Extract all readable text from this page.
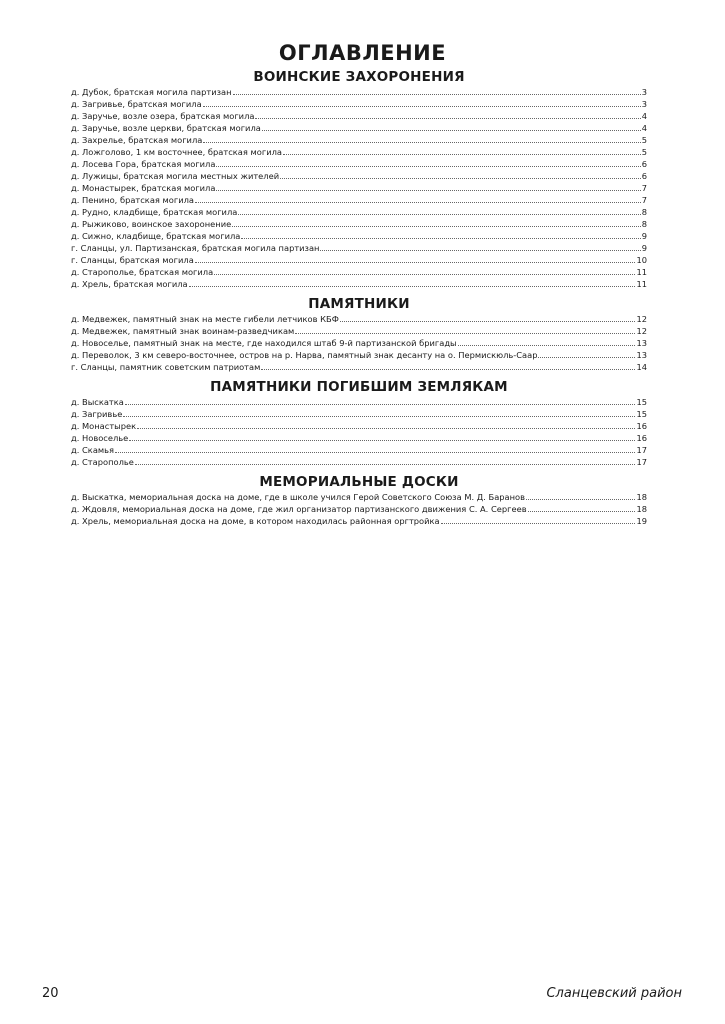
ОГЛАВЛЕНИЕ
ВОИНСКИЕ ЗАХОРОНЕНИЯ
д. Дубок, братская могила партизан	3
д. Загривье, братская могила	3
д. Заручье, возле озера, братская могила	4
д. Заручье, возле церкви, братская могила	4
д. Захрелье, братская могила	5
д. Ложголово, 1 км восточнее, братская могила	5
д. Лосева Гора, братская могила	6
д. Лужицы, братская могила местных жителей	6
д. Монастырек, братская могила	7
д. Пенино, братская могила	7
д. Рудно, кладбище, братская могила	8
д. Рыжиково, воинское захоронение	8
д. Сижно, кладбище, братская могила	9
г. Сланцы, ул. Партизанская, братская могила партизан	9
г. Сланцы, братская могила	10
д. Старополье, братская могила	11
д. Хрель, братская могила	11
ПАМЯТНИКИ
д. Медвежек, памятный знак на месте гибели летчиков КБФ	12
д. Медвежек, памятный знак воинам-разведчикам	12
д. Новоселье, памятный знак на месте, где находился штаб 9-й партизанской бригады	13
д. Переволок, 3 км северо-восточнее, остров на р. Нарва, памятный знак десанту на о. Пермискюль-Саар	13
г. Сланцы, памятник советским патриотам	14
ПАМЯТНИКИ ПОГИБШИМ ЗЕМЛЯКАМ
д. Выскатка	15
д. Загривье	15
д. Монастырек	16
д. Новоселье	16
д. Скамья	17
д. Старополье	17
МЕМОРИАЛЬНЫЕ ДОСКИ
д. Выскатка, мемориальная доска на доме, где в школе учился Герой Советского Союза М. Д. Баранов	18
д. Ждовля, мемориальная доска на доме, где жил организатор партизанского движения С. А. Сергеев	18
д. Хрель, мемориальная доска на доме, в котором находилась районная оргтройка	19
20	Сланцевский район
